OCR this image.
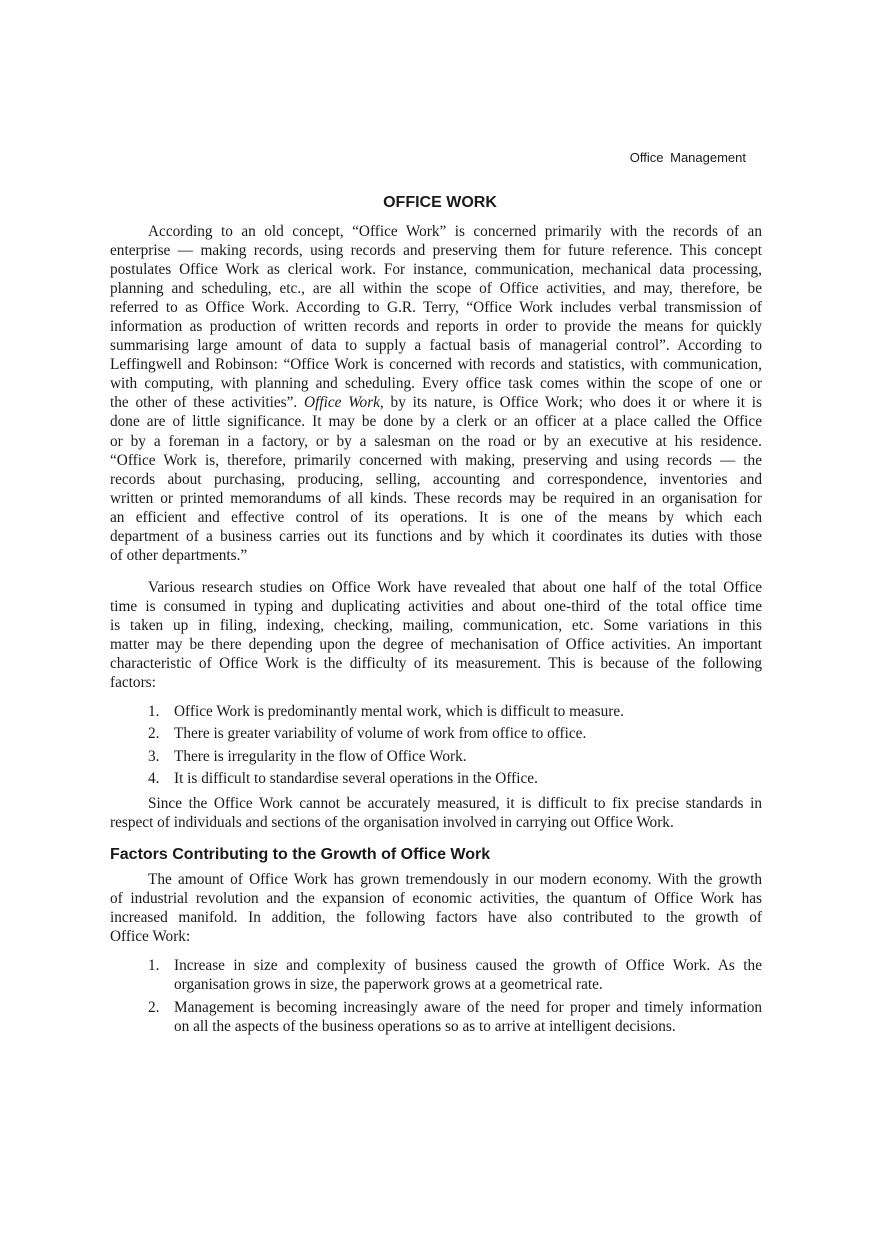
Office Management
OFFICE WORK
According to an old concept, “Office Work” is concerned primarily with the records of an
enterprise — making records, using records and preserving them for future reference. This concept
postulates Office Work as clerical work. For instance, communication, mechanical data processing,
planning and scheduling, etc., are all within the scope of Office activities, and may, therefore, be
referred to as Office Work. According to G.R. Terry, “Office Work includes verbal transmission of
information as production of written records and reports in order to provide the means for quickly
summarising large amount of data to supply a factual basis of managerial control”. According to
Leffingwell and Robinson: “Office Work is concerned with records and statistics, with communication,
with computing, with planning and scheduling. Every office task comes within the scope of one or
the other of these activities”. Office Work, by its nature, is Office Work; who does it or where it is
done are of little significance. It may be done by a clerk or an officer at a place called the Office
or by a foreman in a factory, or by a salesman on the road or by an executive at his residence.
“Office Work is, therefore, primarily concerned with making, preserving and using records — the
records about purchasing, producing, selling, accounting and correspondence, inventories and
written or printed memorandums of all kinds. These records may be required in an organisation for
an efficient and effective control of its operations. It is one of the means by which each
department of a business carries out its functions and by which it coordinates its duties with those
of other departments.”
Various research studies on Office Work have revealed that about one half of the total Office
time is consumed in typing and duplicating activities and about one-third of the total office time
is taken up in filing, indexing, checking, mailing, communication, etc. Some variations in this
matter may be there depending upon the degree of mechanisation of Office activities. An important
characteristic of Office Work is the difficulty of its measurement. This is because of the following
factors:
1. Office Work is predominantly mental work, which is difficult to measure.
2. There is greater variability of volume of work from office to office.
3. There is irregularity in the flow of Office Work.
4. It is difficult to standardise several operations in the Office.
Since the Office Work cannot be accurately measured, it is difficult to fix precise standards in
respect of individuals and sections of the organisation involved in carrying out Office Work.
Factors Contributing to the Growth of Office Work
The amount of Office Work has grown tremendously in our modern economy. With the growth
of industrial revolution and the expansion of economic activities, the quantum of Office Work has
increased manifold. In addition, the following factors have also contributed to the growth of
Office Work:
1. Increase in size and complexity of business caused the growth of Office Work. As the
organisation grows in size, the paperwork grows at a geometrical rate.
2. Management is becoming increasingly aware of the need for proper and timely information
on all the aspects of the business operations so as to arrive at intelligent decisions.
